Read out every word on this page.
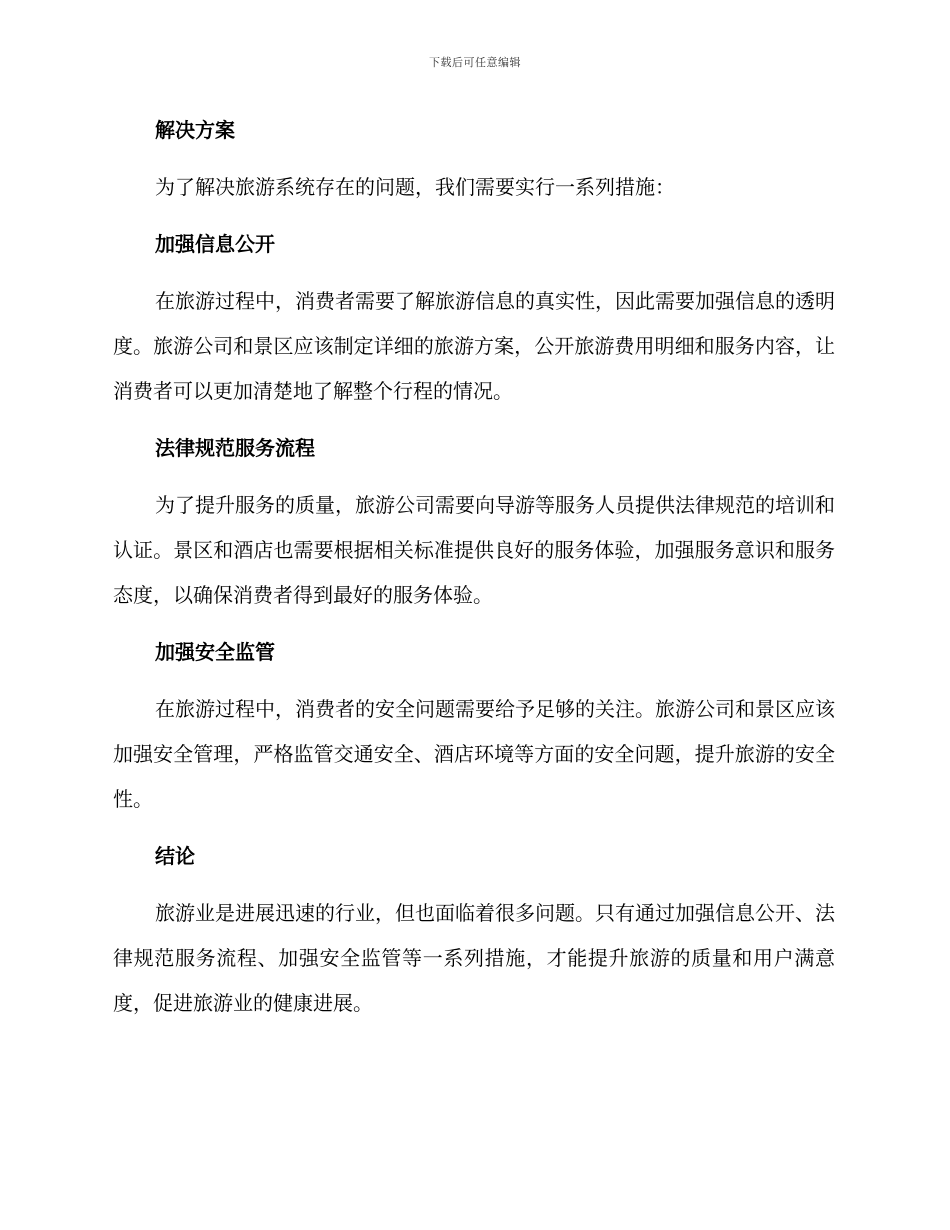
下载后可任意编辑
解决方案

为了解决旅游系统存在的问题，我们需要实行一系列措施：

加强信息公开

在旅游过程中，消费者需要了解旅游信息的真实性，因此需要加强信息的透明度。旅游公司和景区应该制定详细的旅游方案，公开旅游费用明细和服务内容，让消费者可以更加清楚地了解整个行程的情况。

法律规范服务流程

为了提升服务的质量，旅游公司需要向导游等服务人员提供法律规范的培训和认证。景区和酒店也需要根据相关标准提供良好的服务体验，加强服务意识和服务态度，以确保消费者得到最好的服务体验。

加强安全监管

在旅游过程中，消费者的安全问题需要给予足够的关注。旅游公司和景区应该加强安全管理，严格监管交通安全、酒店环境等方面的安全问题，提升旅游的安全性。

结论

旅游业是进展迅速的行业，但也面临着很多问题。只有通过加强信息公开、法律规范服务流程、加强安全监管等一系列措施，才能提升旅游的质量和用户满意度，促进旅游业的健康进展。
